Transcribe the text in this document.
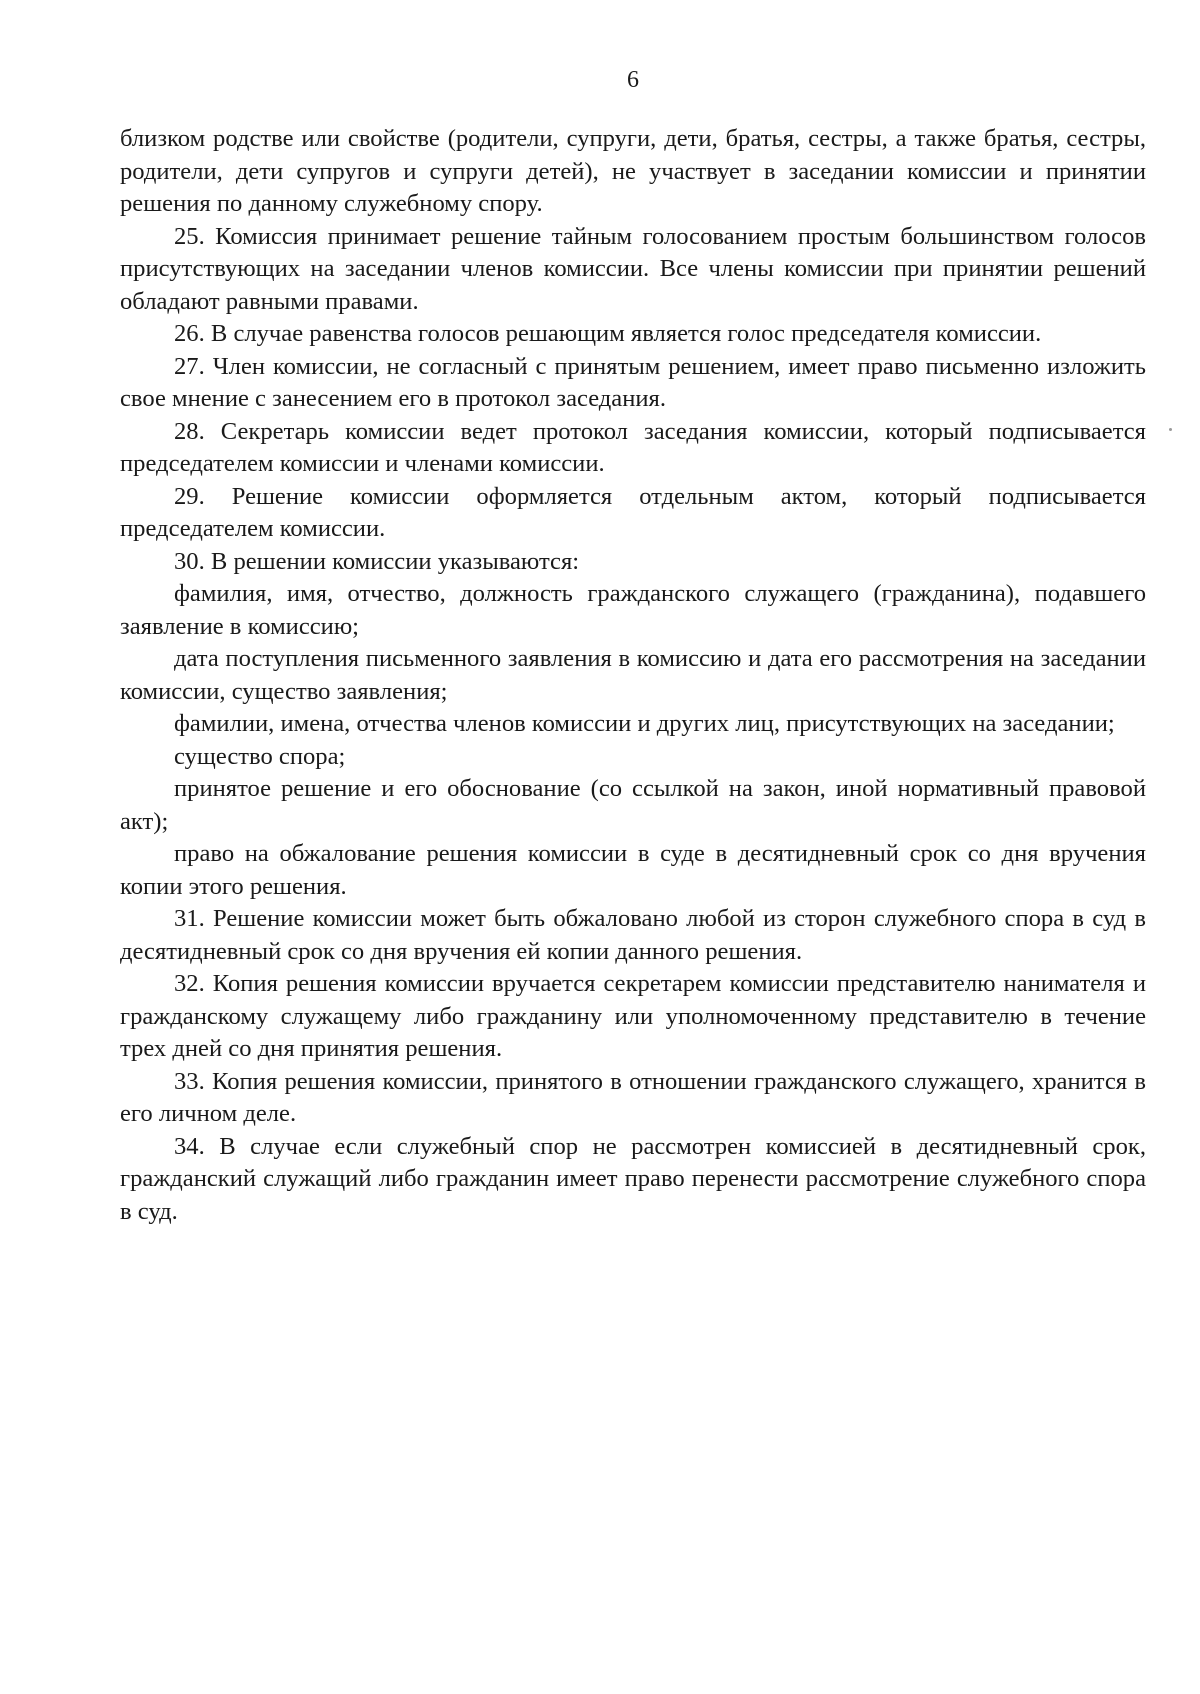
6

близком родстве или свойстве (родители, супруги, дети, братья, сестры, а также братья, сестры, родители, дети супругов и супруги детей), не участвует в заседании комиссии и принятии решения по данному служебному спору.

25. Комиссия принимает решение тайным голосованием простым большинством голосов присутствующих на заседании членов комиссии. Все члены комиссии при принятии решений обладают равными правами.

26. В случае равенства голосов решающим является голос председателя комиссии.

27. Член комиссии, не согласный с принятым решением, имеет право письменно изложить свое мнение с занесением его в протокол заседания.

28. Секретарь комиссии ведет протокол заседания комиссии, который подписывается председателем комиссии и членами комиссии.

29. Решение комиссии оформляется отдельным актом, который подписывается председателем комиссии.

30. В решении комиссии указываются:

фамилия, имя, отчество, должность гражданского служащего (гражданина), подавшего заявление в комиссию;

дата поступления письменного заявления в комиссию и дата его рассмотрения на заседании комиссии, существо заявления;

фамилии, имена, отчества членов комиссии и других лиц, присутствующих на заседании;

существо спора;

принятое решение и его обоснование (со ссылкой на закон, иной нормативный правовой акт);

право на обжалование решения комиссии в суде в десятидневный срок со дня вручения копии этого решения.

31. Решение комиссии может быть обжаловано любой из сторон служебного спора в суд в десятидневный срок со дня вручения ей копии данного решения.

32. Копия решения комиссии вручается секретарем комиссии представителю нанимателя и гражданскому служащему либо гражданину или уполномоченному представителю в течение трех дней со дня принятия решения.

33. Копия решения комиссии, принятого в отношении гражданского служащего, хранится в его личном деле.

34. В случае если служебный спор не рассмотрен комиссией в десятидневный срок, гражданский служащий либо гражданин имеет право перенести рассмотрение служебного спора в суд.
